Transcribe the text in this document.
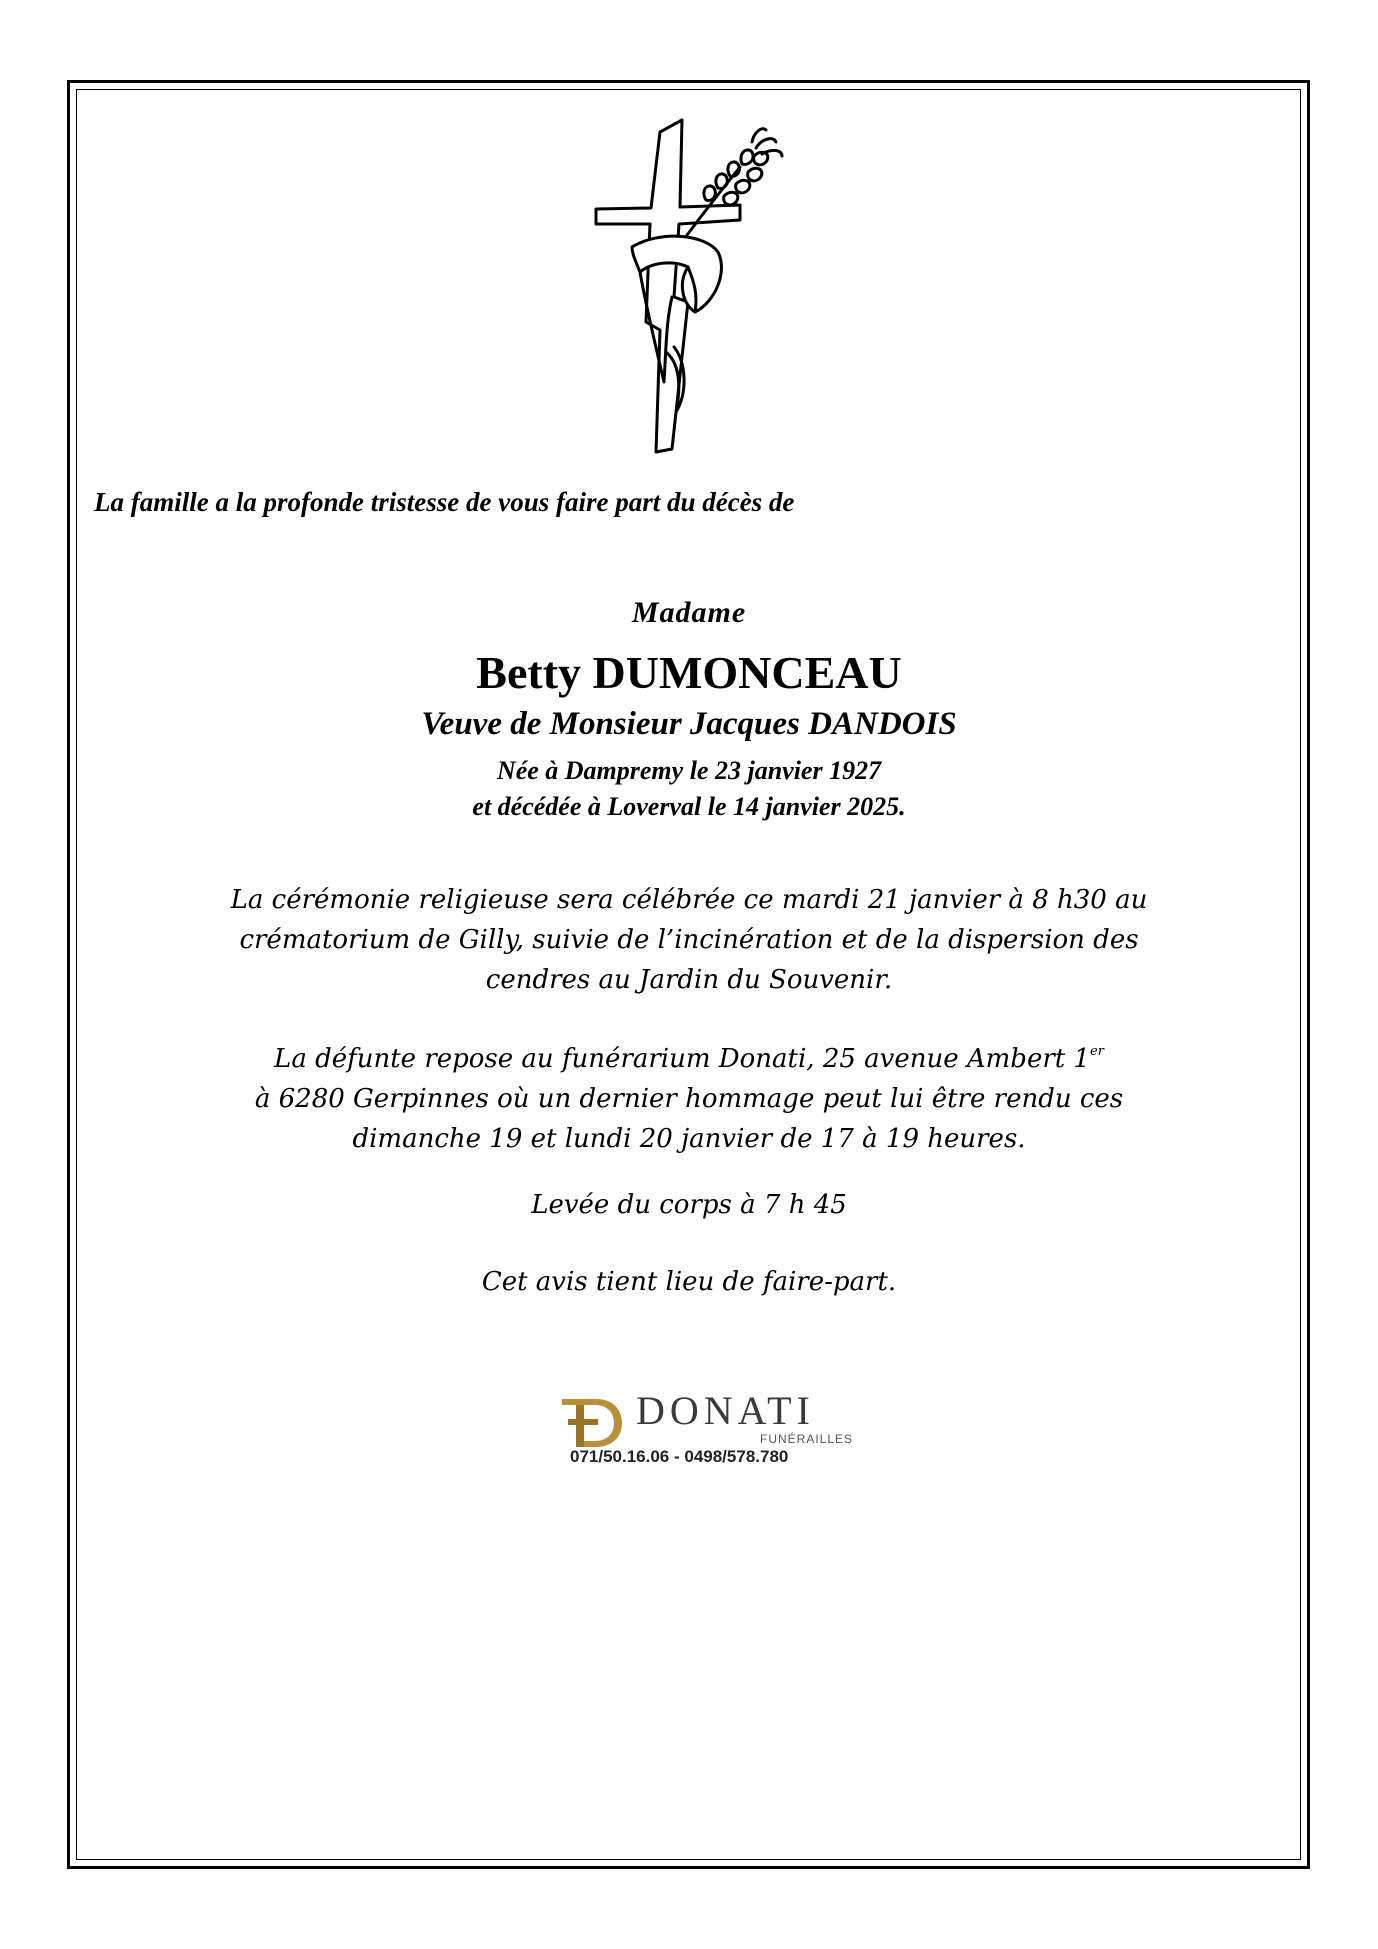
La famille a la profonde tristesse de vous faire part du décès de
Madame
Betty DUMONCEAU
Veuve de Monsieur Jacques DANDOIS
Née à Dampremy le 23 janvier 1927
et décédée à Loverval le 14 janvier 2025.
La cérémonie religieuse sera célébrée ce mardi 21 janvier à 8 h30 au
crématorium de Gilly, suivie de l’incinération et de la dispersion des
cendres au Jardin du Souvenir.
La défunte repose au funérarium Donati, 25 avenue Ambert 1er
à 6280 Gerpinnes où un dernier hommage peut lui être rendu ces
dimanche 19 et lundi 20 janvier de 17 à 19 heures.
Levée du corps à 7 h 45
Cet avis tient lieu de faire-part.
DONATI
FUNÉRAILLES
071/50.16.06 - 0498/578.780
